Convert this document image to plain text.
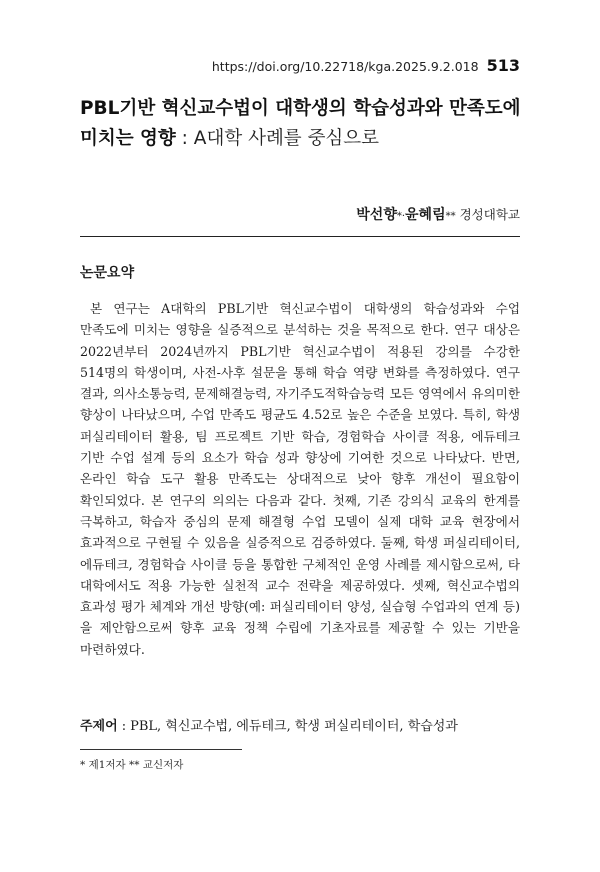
https://doi.org/10.22718/kga.2025.9.2.018 513
PBL기반 혁신교수법이 대학생의 학습성과와 만족도에
미치는 영향 : A대학 사례를 중심으로
박선향 * · 윤혜림 ** 경성대학교
논문요약

본 연구는 A대학의 PBL기반 혁신교수법이 대학생의 학습성과와 수업 만족도에 미치는 영향을 실증적으로 분석하는 것을 목적으로 한다. 연구 대상은 2022년부터 2024년까지 PBL기반 혁신교수법이 적용된 강의를 수강한 514명의 학생이며, 사전-사후 설문을 통해 학습 역량 변화를 측정하였다. 연구 결과, 의사소통능력, 문제해결능력, 자기주도적학습능력 모든 영역에서 유의미한 향상이 나타났으며, 수업 만족도 평균도 4.52로 높은 수준을 보였다. 특히, 학생 퍼실리테이터 활용, 팀 프로젝트 기반 학습, 경험학습 사이클 적용, 에듀테크 기반 수업 설계 등의 요소가 학습 성과 향상에 기여한 것으로 나타났다. 반면, 온라인 학습 도구 활용 만족도는 상대적으로 낮아 향후 개선이 필요함이 확인되었다. 본 연구의 의의는 다음과 같다. 첫째, 기존 강의식 교육의 한계를 극복하고, 학습자 중심의 문제 해결형 수업 모델이 실제 대학 교육 현장에서 효과적으로 구현될 수 있음을 실증적으로 검증하였다. 둘째, 학생 퍼실리테이터, 에듀테크, 경험학습 사이클 등을 통합한 구체적인 운영 사례를 제시함으로써, 타 대학에서도 적용 가능한 실천적 교수 전략을 제공하였다. 셋째, 혁신교수법의 효과성 평가 체계와 개선 방향(예: 퍼실리테이터 양성, 실습형 수업과의 연계 등)을 제안함으로써 향후 교육 정책 수립에 기초자료를 제공할 수 있는 기반을 마련하였다.

주제어 : PBL, 혁신교수법, 에듀테크, 학생 퍼실리테이터, 학습성과
* 제1저자 ** 교신저자
